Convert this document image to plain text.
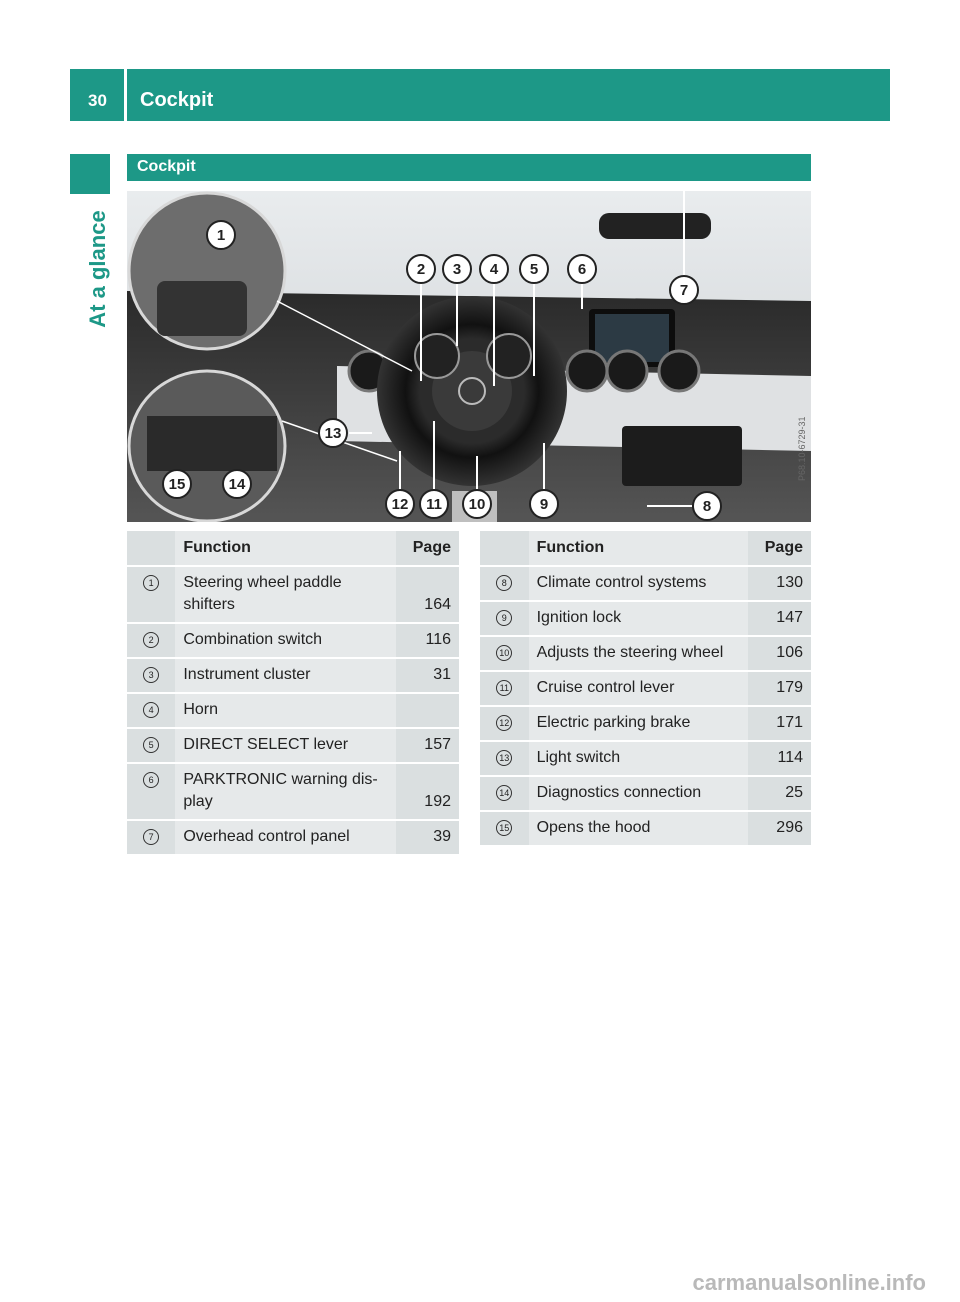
30 Cockpit
At a glance
Cockpit
1
2 3 4 5	6
7
8
9
10
11
12
13
14
15
P68.10-6729-31
	Function	Page
1	Steering wheel paddle shifters	164
2	Combination switch	116
3	Instrument cluster	31
4	Horn	
5	DIRECT SELECT lever	157
6	PARKTRONIC warning dis-play	192
7	Overhead control panel	39
	Function	Page
8	Climate control systems	130
9	Ignition lock	147
10	Adjusts the steering wheel	106
11	Cruise control lever	179
12	Electric parking brake	171
13	Light switch	114
14	Diagnostics connection	25
15	Opens the hood	296
carmanualsonline.info
